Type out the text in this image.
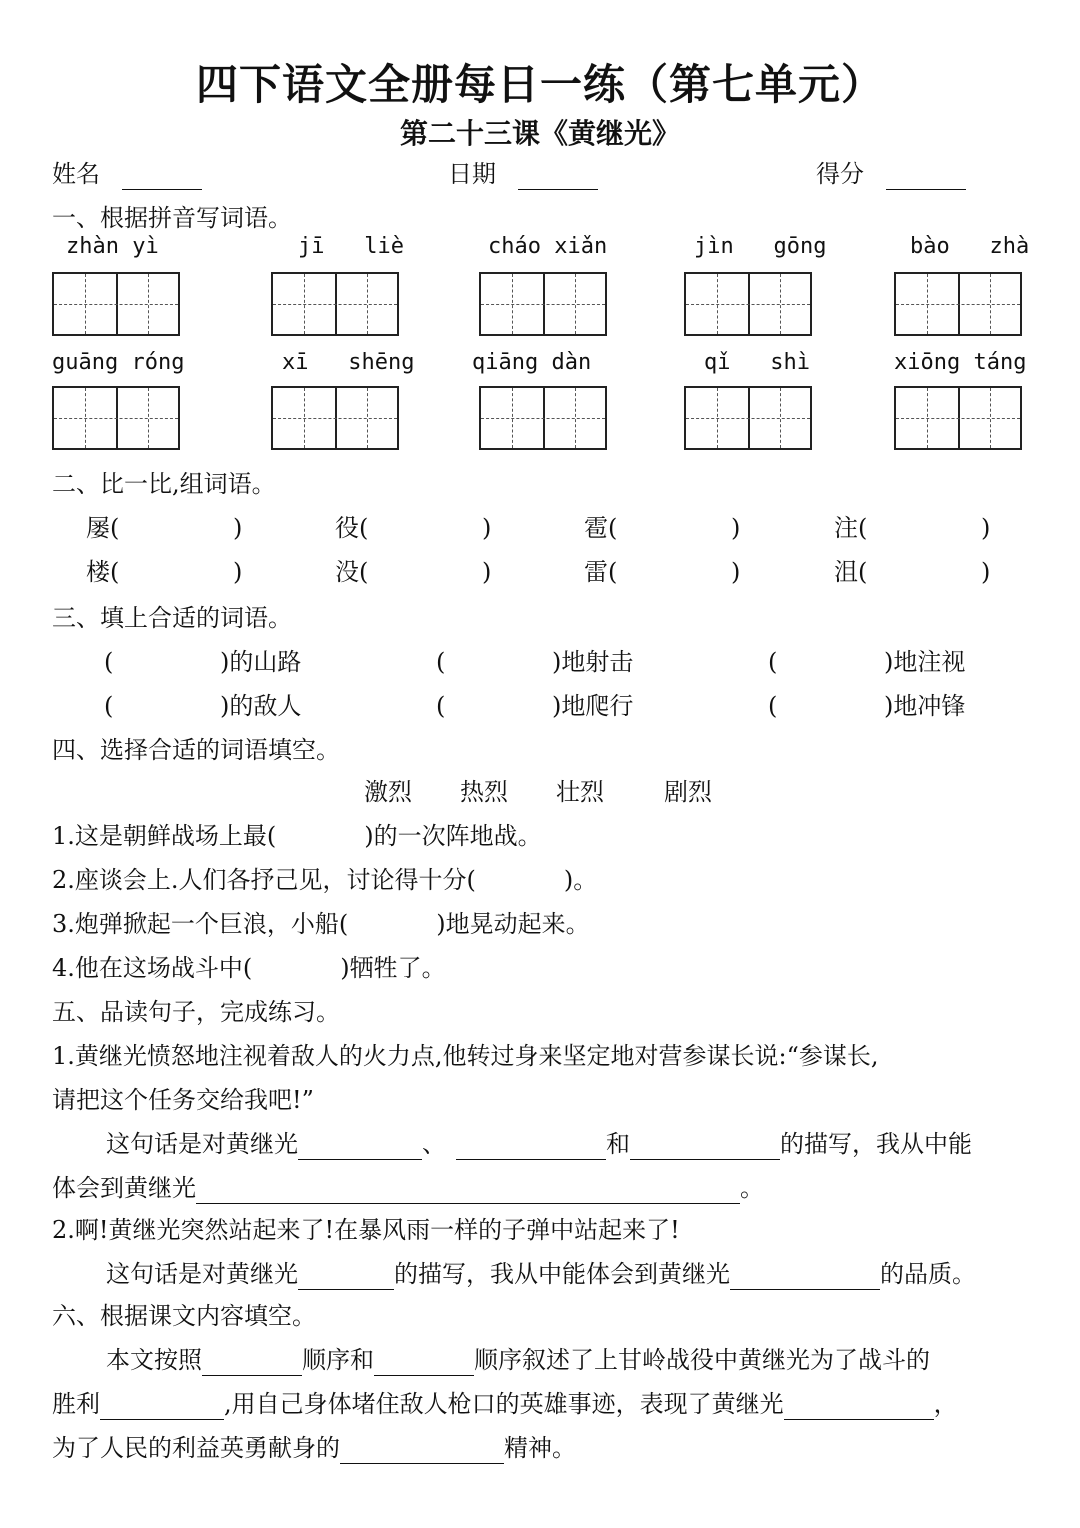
四下语文全册每日一练（第七单元）
第二十三课《黄继光》
姓名	日期	得分
一、根据拼音写词语。
zhàn yì	jī liè	cháo xiǎn	jìn gōng	bào zhà
guāng róng	xī shēng	qiāng dàn	qǐ shì	xiōng táng
二、比一比,组词语。
屡(	)	役(	)	雹(	)	注(	)
楼(	)	没(	)	雷(	)	沮(	)
三、填上合适的词语。
(	)的山路	(	)地射击	(	)地注视
(	)的敌人	(	)地爬行	(	)地冲锋
四、选择合适的词语填空。
激烈 热烈 壮烈	剧烈
1.这是朝鲜战场上最(	)的一次阵地战。
2.座谈会上.人们各抒己见，讨论得十分(	)。
3.炮弹掀起一个巨浪，小船(	)地晃动起来。
4.他在这场战斗中(	)牺牲了。
五、品读句子，完成练习。
1.黄继光愤怒地注视着敌人的火力点,他转过身来坚定地对营参谋长说:“参谋长,
请把这个任务交给我吧!”
这句话是对黄继光	、	和	的描写，我从中能
体会到黄继光	。
2.啊!黄继光突然站起来了!在暴风雨一样的子弹中站起来了!
这句话是对黄继光	的描写，我从中能体会到黄继光	的品质。
六、根据课文内容填空。
本文按照	顺序和	顺序叙述了上甘岭战役中黄继光为了战斗的
胜利	,用自己身体堵住敌人枪口的英雄事迹，表现了黄继光	，
为了人民的利益英勇献身的	精神。
